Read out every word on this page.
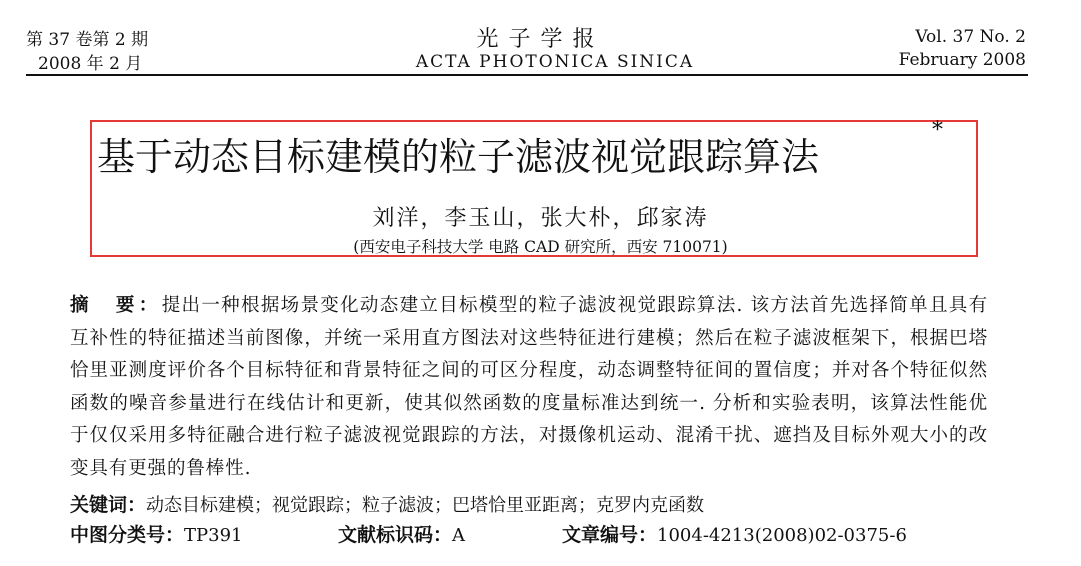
第 37 卷第 2 期
2008 年 2 月
光子学报
ACTA PHOTONICA SINICA
Vol. 37 No. 2
February 2008
基于动态目标建模的粒子滤波视觉跟踪算法
*
刘洋，李玉山，张大朴，邱家涛
(西安电子科技大学 电路 CAD 研究所，西安 710071)
摘　要：提出一种根据场景变化动态建立目标模型的粒子滤波视觉跟踪算法. 该方法首先选择简单且具有互补性的特征描述当前图像，并统一采用直方图法对这些特征进行建模；然后在粒子滤波框架下，根据巴塔恰里亚测度评价各个目标特征和背景特征之间的可区分程度，动态调整特征间的置信度；并对各个特征似然函数的噪音参量进行在线估计和更新，使其似然函数的度量标准达到统一. 分析和实验表明，该算法性能优于仅仅采用多特征融合进行粒子滤波视觉跟踪的方法，对摄像机运动、混淆干扰、遮挡及目标外观大小的改变具有更强的鲁棒性.
关键词：动态目标建模；视觉跟踪；粒子滤波；巴塔恰里亚距离；克罗内克函数
中图分类号：TP391	文献标识码：A	文章编号：1004-4213(2008)02-0375-6
